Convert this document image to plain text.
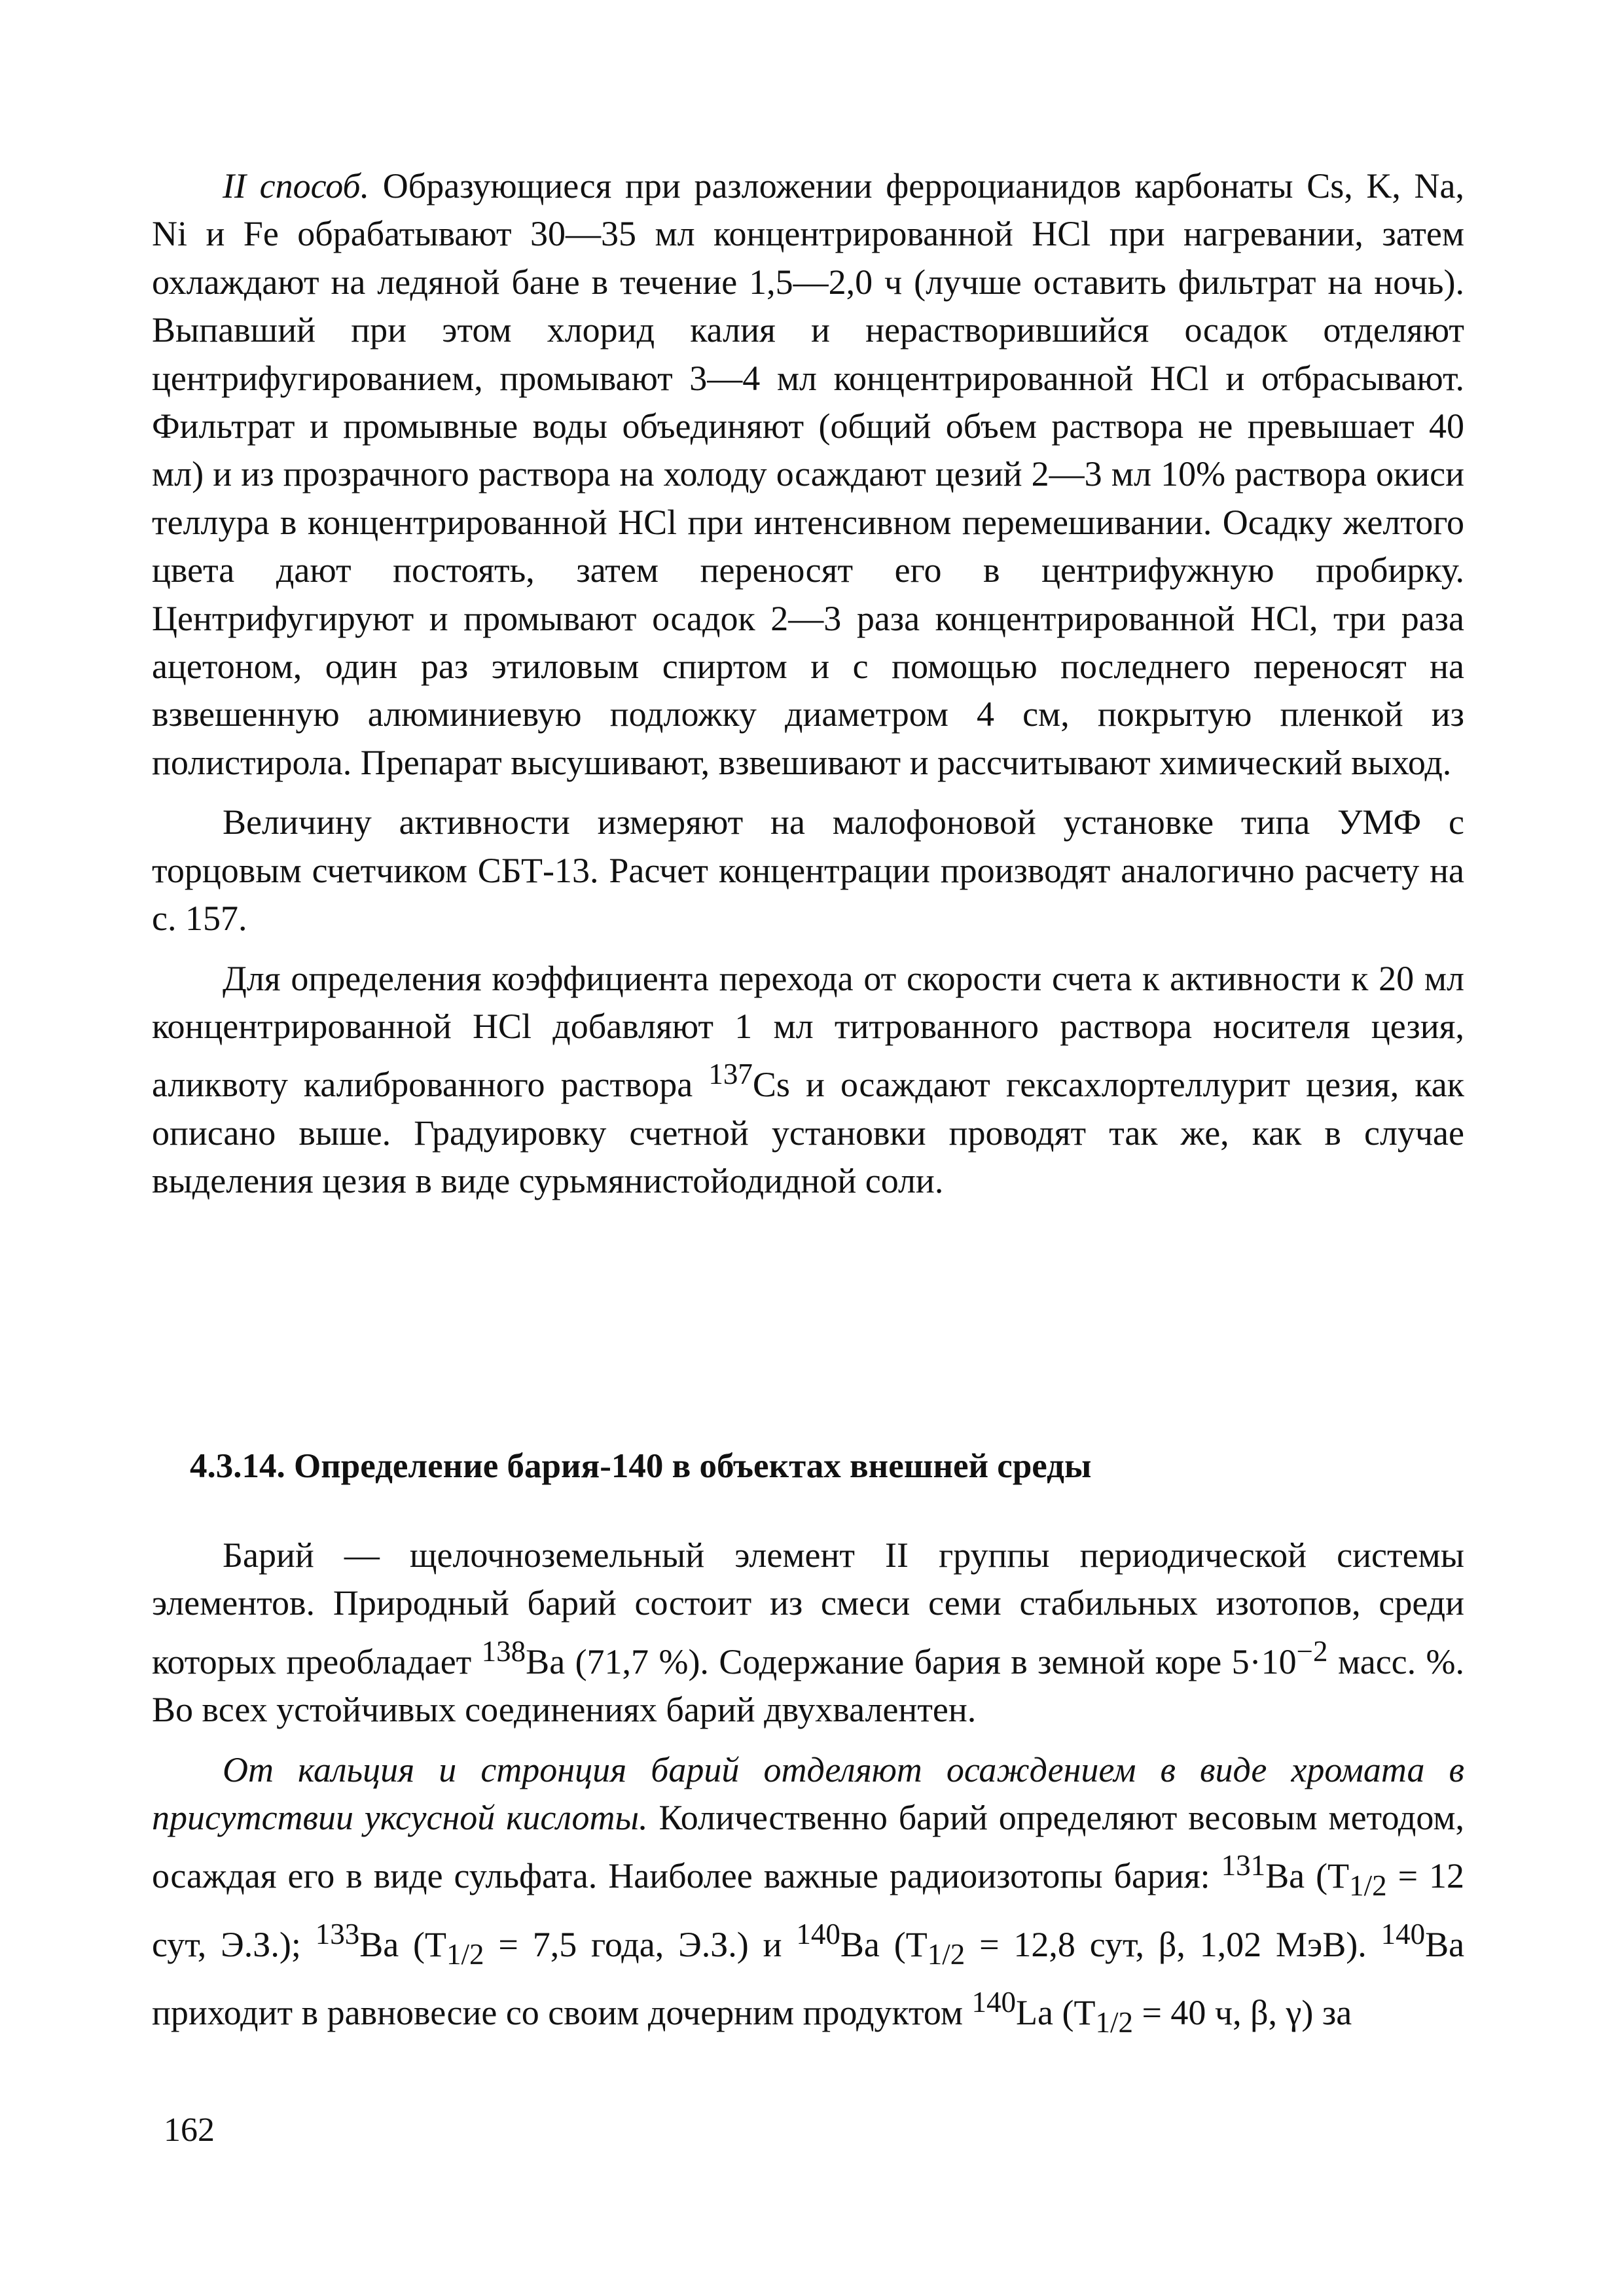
II способ. Образующиеся при разложении ферроцианидов карбонаты Cs, K, Na, Ni и Fe обрабатывают 30—35 мл концентрированной HCl при нагревании, затем охлаждают на ледяной бане в течение 1,5—2,0 ч (лучше оставить фильтрат на ночь). Выпавший при этом хлорид калия и нерастворившийся осадок отделяют центрифугированием, промывают 3—4 мл концентрированной HCl и отбрасывают. Фильтрат и промывные воды объединяют (общий объем раствора не превышает 40 мл) и из прозрачного раствора на холоду осаждают цезий 2—3 мл 10% раствора окиси теллура в концентрированной HCl при интенсивном перемешивании. Осадку желтого цвета дают постоять, затем переносят его в центрифужную пробирку. Центрифугируют и промывают осадок 2—3 раза концентрированной HCl, три раза ацетоном, один раз этиловым спиртом и с помощью последнего переносят на взвешенную алюминиевую подложку диаметром 4 см, покрытую пленкой из полистирола. Препарат высушивают, взвешивают и рассчитывают химический выход.

Величину активности измеряют на малофоновой установке типа УМФ с торцовым счетчиком СБТ-13. Расчет концентрации производят аналогично расчету на с. 157.

Для определения коэффициента перехода от скорости счета к активности к 20 мл концентрированной HCl добавляют 1 мл титрованного раствора носителя цезия, аликвоту калиброванного раствора $^{137}$Cs и осаждают гексахлортеллурит цезия, как описано выше. Градуировку счетной установки проводят так же, как в случае выделения цезия в виде сурьмянистойодидной соли.

4.3.14. Определение бария-140 в объектах внешней среды

Барий — щелочноземельный элемент II группы периодической системы элементов. Природный барий состоит из смеси семи стабильных изотопов, среди которых преобладает $^{138}$Ba (71,7 %). Содержание бария в земной коре $5\cdot 10^{-2}$ масс. %. Во всех устойчивых соединениях барий двухвалентен.

От кальция и стронция барий отделяют осаждением в виде хромата в присутствии уксусной кислоты. Количественно барий определяют весовым методом, осаждая его в виде сульфата. Наиболее важные радиоизотопы бария: $^{131}$Ba ($T_{1/2} = 12$ сут, Э.З.); $^{133}$Ba ($T_{1/2} = 7,5$ года, Э.З.) и $^{140}$Ba ($T_{1/2} = 12,8$ сут, β, 1,02 МэВ). $^{140}$Ba приходит в равновесие со своим дочерним продуктом $^{140}$La ($T_{1/2} = 40$ ч, β, γ) за

162
